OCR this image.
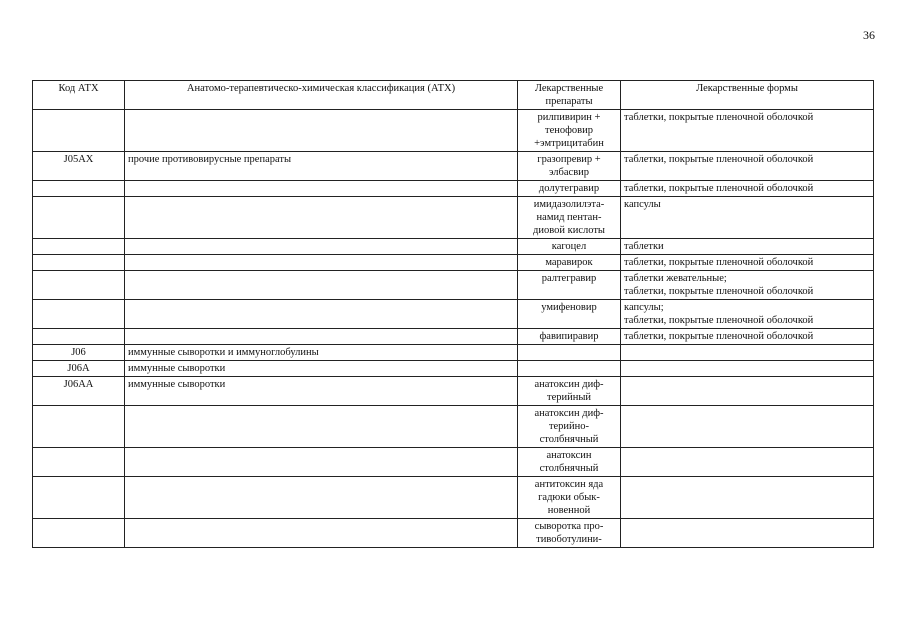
36
Код АТХ	Анатомо-терапевтическо-химическая классификация (АТХ)	Лекарственные
препараты	Лекарственные формы
		рилпивирин +
тенофовир
+эмтрицитабин	таблетки, покрытые пленочной оболочкой
J05AX	прочие противовирусные препараты	гразопревир +
элбасвир	таблетки, покрытые пленочной оболочкой
		долутегравир	таблетки, покрытые пленочной оболочкой
		имидазолилэта-
намид пентан-
диовой кислоты	капсулы
		кагоцел	таблетки
		маравирок	таблетки, покрытые пленочной оболочкой
		ралтегравир	таблетки жевательные;
таблетки, покрытые пленочной оболочкой
		умифеновир	капсулы;
таблетки, покрытые пленочной оболочкой
		фавипиравир	таблетки, покрытые пленочной оболочкой
J06	иммунные сыворотки и иммуноглобулины		
J06A	иммунные сыворотки		
J06AA	иммунные сыворотки	анатоксин диф-
терийный	
		анатоксин диф-
терийно-
столбнячный	
		анатоксин
столбнячный	
		антитоксин яда
гадюки обык-
новенной	
		сыворотка про-
тивоботулини-	
